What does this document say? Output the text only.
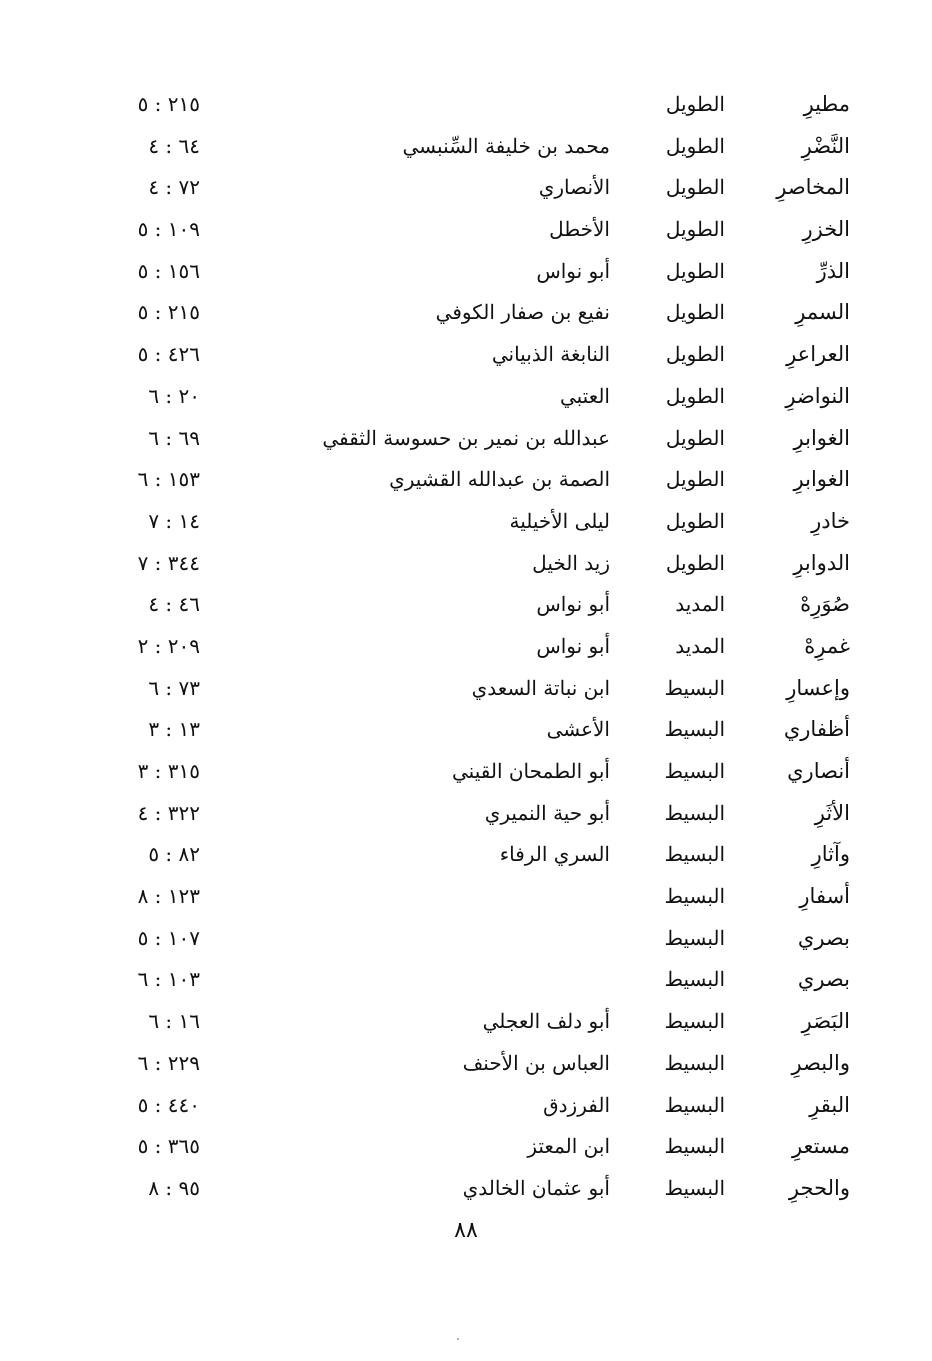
مطيرِ
الطويل
٢١٥ : ٥
النَّضْرِ
الطويل
محمد بن خليفة السِّنبسي
٦٤ : ٤
المخاصرِ
الطويل
الأنصاري
٧٢ : ٤
الخزرِ
الطويل
الأخطل
١٠٩ : ٥
الذرِّ
الطويل
أبو نواس
١٥٦ : ٥
السمرِ
الطويل
نفيع بن صفار الكوفي
٢١٥ : ٥
العراعرِ
الطويل
النابغة الذبياني
٤٢٦ : ٥
النواضرِ
الطويل
العتبي
٢٠ : ٦
الغوابرِ
الطويل
عبدالله بن نمير بن حسوسة الثقفي
٦٩ : ٦
الغوابرِ
الطويل
الصمة بن عبدالله القشيري
١٥٣ : ٦
خادرِ
الطويل
ليلى الأخيلية
١٤ : ٧
الدوابرِ
الطويل
زيد الخيل
٣٤٤ : ٧
صُوَرِهْ
المديد
أبو نواس
٤٦ : ٤
غمرِهْ
المديد
أبو نواس
٢٠٩ : ٢
وإعسارِ
البسيط
ابن نباتة السعدي
٧٣ : ٦
أظفاري
البسيط
الأعشى
١٣ : ٣
أنصاري
البسيط
أبو الطمحان القيني
٣١٥ : ٣
الأثَرِ
البسيط
أبو حية النميري
٣٢٢ : ٤
وآثارِ
البسيط
السري الرفاء
٨٢ : ٥
أسفارِ
البسيط
١٢٣ : ٨
بصري
البسيط
١٠٧ : ٥
بصري
البسيط
١٠٣ : ٦
البَصَرِ
البسيط
أبو دلف العجلي
١٦ : ٦
والبصرِ
البسيط
العباس بن الأحنف
٢٢٩ : ٦
البقرِ
البسيط
الفرزدق
٤٤٠ : ٥
مستعرِ
البسيط
ابن المعتز
٣٦٥ : ٥
والحجرِ
البسيط
أبو عثمان الخالدي
٩٥ : ٨
٨٨
